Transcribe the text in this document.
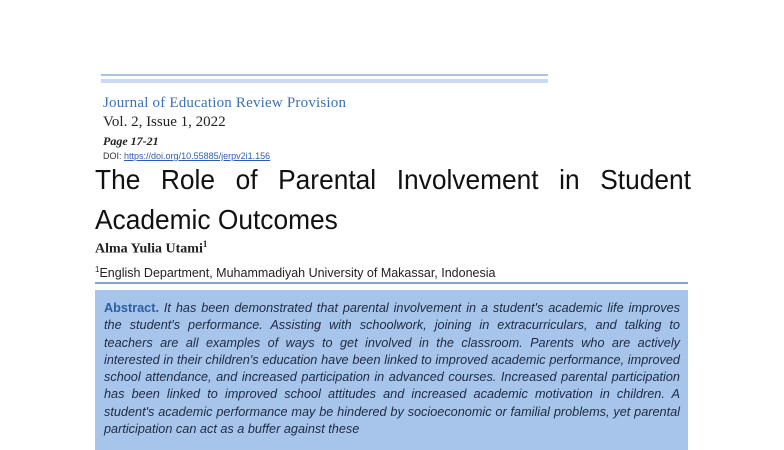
Journal of Education Review Provision
Vol. 2, Issue 1, 2022
Page 17-21
DOI: https://doi.org/10.55885/jerpv2i1.156
The Role of Parental Involvement in Student Academic Outcomes
Alma Yulia Utami$^1$
$^1$English Department, Muhammadiyah University of Makassar, Indonesia
Abstract. It has been demonstrated that parental involvement in a student's academic life improves the student's performance. Assisting with schoolwork, joining in extracurriculars, and talking to teachers are all examples of ways to get involved in the classroom. Parents who are actively interested in their children's education have been linked to improved academic performance, improved school attendance, and increased participation in advanced courses. Increased parental participation has been linked to improved school attitudes and increased academic motivation in children. A student's academic performance may be hindered by socioeconomic or familial problems, yet parental participation can act as a buffer against these
